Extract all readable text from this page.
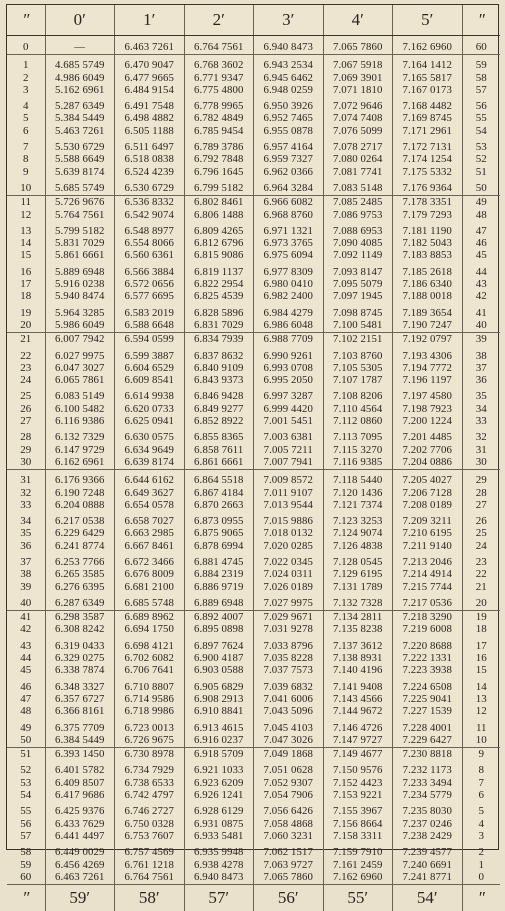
″	0′	1′	2′	3′	4′	5′	″
0	—	6.463 7261	6.764 7561	6.940 8473	7.065 7860	7.162 6960	60
1	4.685 5749	6.470 9047	6.768 3602	6.943 2534	7.067 5918	7.164 1412	59
2	4.986 6049	6.477 9665	6.771 9347	6.945 6462	7.069 3901	7.165 5817	58
3	5.162 6961	6.484 9154	6.775 4800	6.948 0259	7.071 1810	7.167 0173	57
4	5.287 6349	6.491 7548	6.778 9965	6.950 3926	7.072 9646	7.168 4482	56
5	5.384 5449	6.498 4882	6.782 4849	6.952 7465	7.074 7408	7.169 8745	55
6	5.463 7261	6.505 1188	6.785 9454	6.955 0878	7.076 5099	7.171 2961	54
7	5.530 6729	6.511 6497	6.789 3786	6.957 4164	7.078 2717	7.172 7131	53
8	5.588 6649	6.518 0838	6.792 7848	6.959 7327	7.080 0264	7.174 1254	52
9	5.639 8174	6.524 4239	6.796 1645	6.962 0366	7.081 7741	7.175 5332	51
10	5.685 5749	6.530 6729	6.799 5182	6.964 3284	7.083 5148	7.176 9364	50
11	5.726 9676	6.536 8332	6.802 8461	6.966 6082	7.085 2485	7.178 3351	49
12	5.764 7561	6.542 9074	6.806 1488	6.968 8760	7.086 9753	7.179 7293	48
13	5.799 5182	6.548 8977	6.809 4265	6.971 1321	7.088 6953	7.181 1190	47
14	5.831 7029	6.554 8066	6.812 6796	6.973 3765	7.090 4085	7.182 5043	46
15	5.861 6661	6.560 6361	6.815 9086	6.975 6094	7.092 1149	7.183 8853	45
16	5.889 6948	6.566 3884	6.819 1137	6.977 8309	7.093 8147	7.185 2618	44
17	5.916 0238	6.572 0656	6.822 2954	6.980 0410	7.095 5079	7.186 6340	43
18	5.940 8474	6.577 6695	6.825 4539	6.982 2400	7.097 1945	7.188 0018	42
19	5.964 3285	6.583 2019	6.828 5896	6.984 4279	7.098 8745	7.189 3654	41
20	5.986 6049	6.588 6648	6.831 7029	6.986 6048	7.100 5481	7.190 7247	40
21	6.007 7942	6.594 0599	6.834 7939	6.988 7709	7.102 2151	7.192 0797	39
22	6.027 9975	6.599 3887	6.837 8632	6.990 9261	7.103 8760	7.193 4306	38
23	6.047 3027	6.604 6529	6.840 9109	6.993 0708	7.105 5305	7.194 7772	37
24	6.065 7861	6.609 8541	6.843 9373	6.995 2050	7.107 1787	7.196 1197	36
25	6.083 5149	6.614 9938	6.846 9428	6.997 3287	7.108 8206	7.197 4580	35
26	6.100 5482	6.620 0733	6.849 9277	6.999 4420	7.110 4564	7.198 7923	34
27	6.116 9386	6.625 0941	6.852 8922	7.001 5451	7.112 0860	7.200 1224	33
28	6.132 7329	6.630 0575	6.855 8365	7.003 6381	7.113 7095	7.201 4485	32
29	6.147 9729	6.634 9649	6.858 7611	7.005 7211	7.115 3270	7.202 7706	31
30	6.162 6961	6.639 8174	6.861 6661	7.007 7941	7.116 9385	7.204 0886	30
31	6.176 9366	6.644 6162	6.864 5518	7.009 8572	7.118 5440	7.205 4027	29
32	6.190 7248	6.649 3627	6.867 4184	7.011 9107	7.120 1436	7.206 7128	28
33	6.204 0888	6.654 0578	6.870 2663	7.013 9544	7.121 7374	7.208 0189	27
34	6.217 0538	6.658 7027	6.873 0955	7.015 9886	7.123 3253	7.209 3211	26
35	6.229 6429	6.663 2985	6.875 9065	7.018 0132	7.124 9074	7.210 6195	25
36	6.241 8774	6.667 8461	6.878 6994	7.020 0285	7.126 4838	7.211 9140	24
37	6.253 7766	6.672 3466	6.881 4745	7.022 0345	7.128 0545	7.213 2046	23
38	6.265 3585	6.676 8009	6.884 2319	7.024 0311	7.129 6195	7.214 4914	22
39	6.276 6395	6.681 2100	6.886 9719	7.026 0189	7.131 1789	7.215 7744	21
40	6.287 6349	6.685 5748	6.889 6948	7.027 9975	7.132 7328	7.217 0536	20
41	6.298 3587	6.689 8962	6.892 4007	7.029 9671	7.134 2811	7.218 3290	19
42	6.308 8242	6.694 1750	6.895 0898	7.031 9278	7.135 8238	7.219 6008	18
43	6.319 0433	6.698 4121	6.897 7624	7.033 8796	7.137 3612	7.220 8688	17
44	6.329 0275	6.702 6082	6.900 4187	7.035 8228	7.138 8931	7.222 1331	16
45	6.338 7874	6.706 7641	6.903 0588	7.037 7573	7.140 4196	7.223 3938	15
46	6.348 3327	6.710 8807	6.905 6829	7.039 6832	7.141 9408	7.224 6508	14
47	6.357 6727	6.714 9586	6.908 2913	7.041 6006	7.143 4566	7.225 9041	13
48	6.366 8161	6.718 9986	6.910 8841	7.043 5096	7.144 9672	7.227 1539	12
49	6.375 7709	6.723 0013	6.913 4615	7.045 4103	7.146 4726	7.228 4001	11
50	6.384 5449	6.726 9675	6.916 0237	7.047 3026	7.147 9727	7.229 6427	10
51	6.393 1450	6.730 8978	6.918 5709	7.049 1868	7.149 4677	7.230 8818	9
52	6.401 5782	6.734 7929	6.921 1033	7.051 0628	7.150 9576	7.232 1173	8
53	6.409 8507	6.738 6533	6.923 6209	7.052 9307	7.152 4423	7.233 3494	7
54	6.417 9686	6.742 4797	6.926 1241	7.054 7906	7.153 9221	7.234 5779	6
55	6.425 9376	6.746 2727	6.928 6129	7.056 6426	7.155 3967	7.235 8030	5
56	6.433 7629	6.750 0328	6.931 0875	7.058 4868	7.156 8664	7.237 0246	4
57	6.441 4497	6.753 7607	6.933 5481	7.060 3231	7.158 3311	7.238 2429	3
58	6.449 0029	6.757 4569	6.935 9948	7.062 1517	7.159 7910	7.239 4577	2
59	6.456 4269	6.761 1218	6.938 4278	7.063 9727	7.161 2459	7.240 6691	1
60	6.463 7261	6.764 7561	6.940 8473	7.065 7860	7.162 6960	7.241 8771	0
″	59′	58′	57′	56′	55′	54′	″
